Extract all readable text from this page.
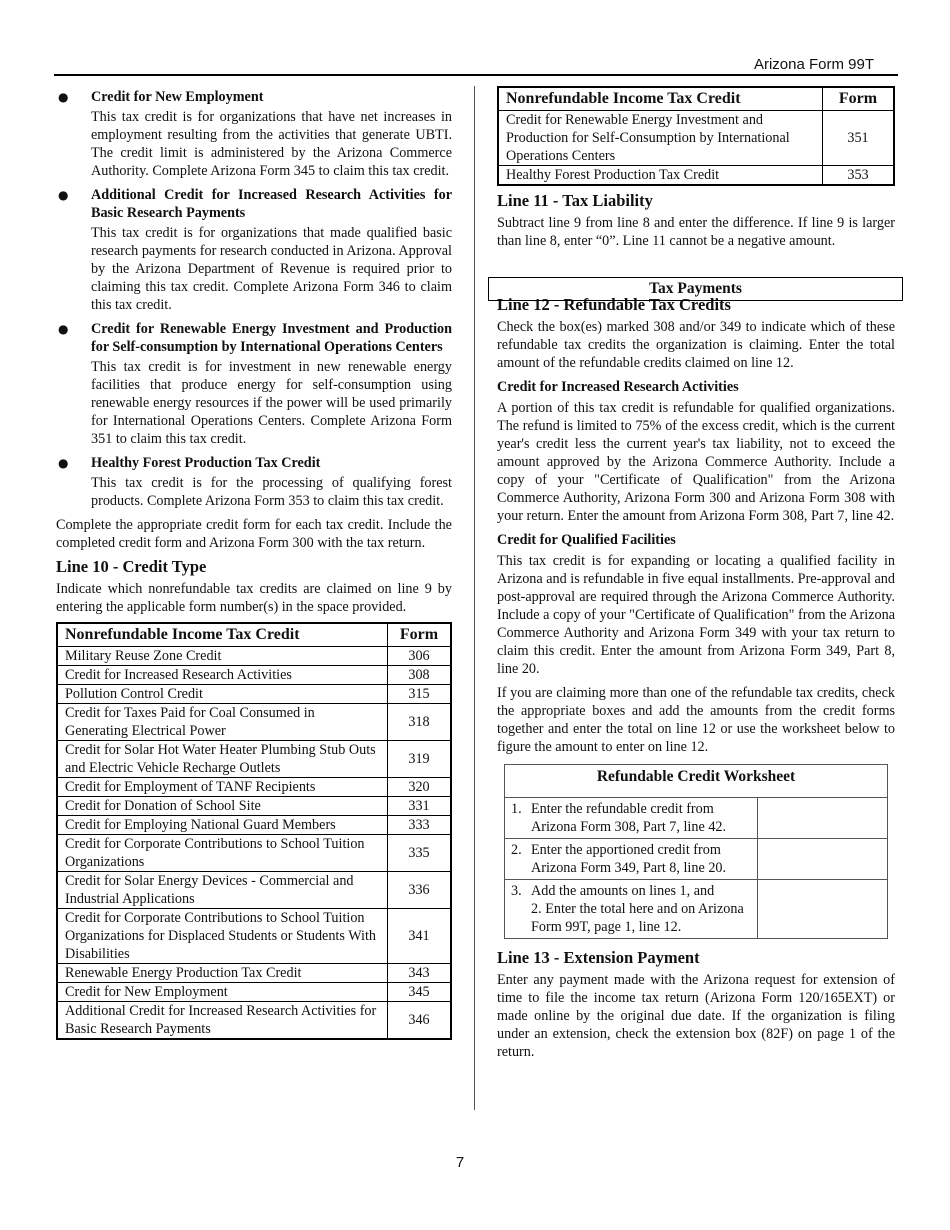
Arizona Form 99T
● Credit for New Employment

This tax credit is for organizations that have net increases in employment resulting from the activities that generate UBTI. The credit limit is administered by the Arizona Commerce Authority. Complete Arizona Form 345 to claim this tax credit.

● Additional Credit for Increased Research Activities for Basic Research Payments

This tax credit is for organizations that made qualified basic research payments for research conducted in Arizona. Approval by the Arizona Department of Revenue is required prior to claiming this tax credit. Complete Arizona Form 346 to claim this tax credit.

● Credit for Renewable Energy Investment and Production for Self-consumption by International Operations Centers

This tax credit is for investment in new renewable energy facilities that produce energy for self-consumption using renewable energy resources if the power will be used primarily for International Operations Centers. Complete Arizona Form 351 to claim this tax credit.

● Healthy Forest Production Tax Credit

This tax credit is for the processing of qualifying forest products. Complete Arizona Form 353 to claim this tax credit.

Complete the appropriate credit form for each tax credit. Include the completed credit form and Arizona Form 300 with the tax return.

Line 10 - Credit Type

Indicate which nonrefundable tax credits are claimed on line 9 by entering the applicable form number(s) in the space provided.

Nonrefundable Income Tax Credit	Form
Military Reuse Zone Credit	306
Credit for Increased Research Activities	308
Pollution Control Credit	315
Credit for Taxes Paid for Coal Consumed in Generating Electrical Power	318
Credit for Solar Hot Water Heater Plumbing Stub Outs and Electric Vehicle Recharge Outlets	319
Credit for Employment of TANF Recipients	320
Credit for Donation of School Site	331
Credit for Employing National Guard Members	333
Credit for Corporate Contributions to School Tuition Organizations	335
Credit for Solar Energy Devices - Commercial and Industrial Applications	336
Credit for Corporate Contributions to School Tuition Organizations for Displaced Students or Students With Disabilities	341
Renewable Energy Production Tax Credit	343
Credit for New Employment	345
Additional Credit for Increased Research Activities for Basic Research Payments	346
Nonrefundable Income Tax Credit	Form
Credit for Renewable Energy Investment and Production for Self-Consumption by International Operations Centers	351
Healthy Forest Production Tax Credit	353
Line 11 - Tax Liability

Subtract line 9 from line 8 and enter the difference. If line 9 is larger than line 8, enter “0”. Line 11 cannot be a negative amount.

Line 12 - Refundable Tax Credits

Check the box(es) marked 308 and/or 349 to indicate which of these refundable tax credits the organization is claiming. Enter the total amount of the refundable credits claimed on line 12.

Credit for Increased Research Activities

A portion of this tax credit is refundable for qualified organizations. The refund is limited to 75% of the excess credit, which is the current year's credit less the current year's tax liability, not to exceed the amount approved by the Arizona Commerce Authority. Include a copy of your "Certificate of Qualification" from the Arizona Commerce Authority, Arizona Form 300 and Arizona Form 308 with your return. Enter the amount from Arizona Form 308, Part 7, line 42.

Credit for Qualified Facilities

This tax credit is for expanding or locating a qualified facility in Arizona and is refundable in five equal installments. Pre-approval and post-approval are required through the Arizona Commerce Authority. Include a copy of your "Certificate of Qualification" from the Arizona Commerce Authority and Arizona Form 349 with your tax return to claim this credit. Enter the amount from Arizona Form 349, Part 8, line 20.

If you are claiming more than one of the refundable tax credits, check the appropriate boxes and add the amounts from the credit forms together and enter the total on line 12 or use the worksheet below to figure the amount to enter on line 12.

Refundable Credit Worksheet	
1. Enter the refundable credit from
Arizona Form 308, Part 7, line 42.	

2. Enter the apportioned credit from
Arizona Form 349, Part 8, line 20.	

3. Add the amounts on lines 1, and
2. Enter the total here and on Arizona Form 99T, page 1, line 12.	

Line 13 - Extension Payment

Enter any payment made with the Arizona request for extension of time to file the income tax return (Arizona Form 120/165EXT) or made online by the original due date. If the organization is filing under an extension, check the extension box (82F) on page 1 of the return.

Tax Payments
7
